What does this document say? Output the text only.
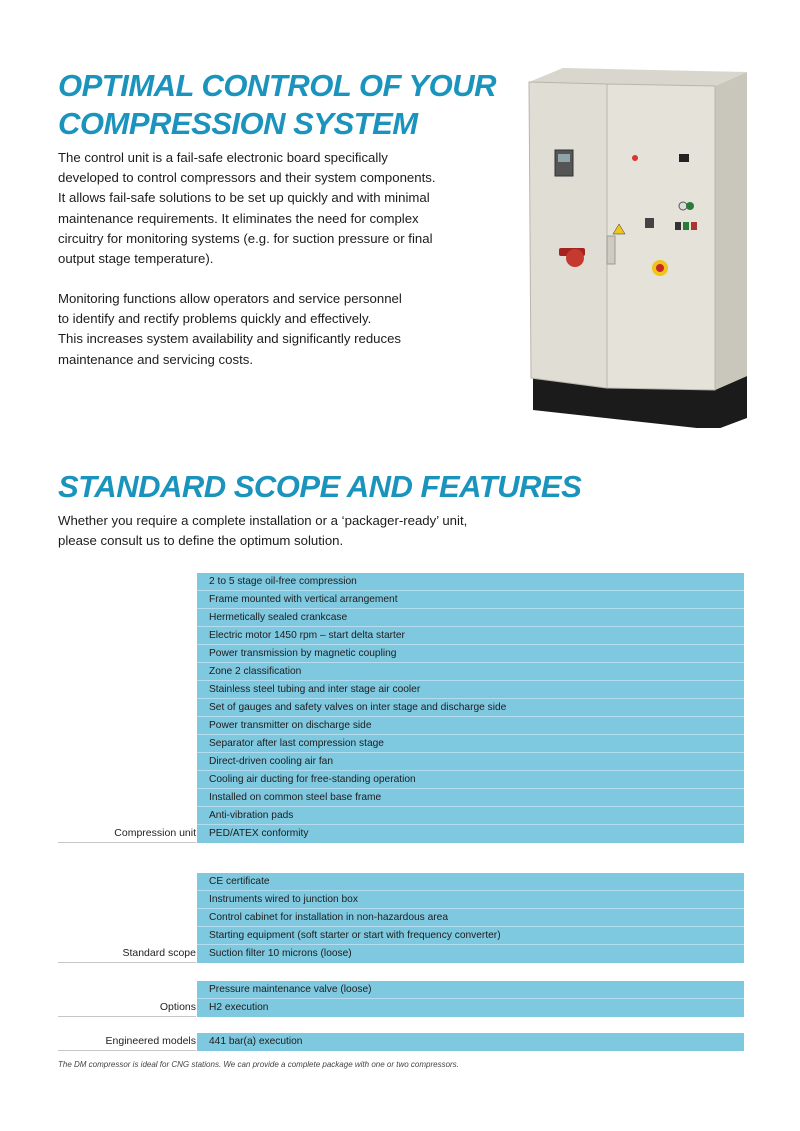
OPTIMAL CONTROL OF YOUR
COMPRESSION SYSTEM
The control unit is a fail-safe electronic board specifically
developed to control compressors and their system components.
It allows fail-safe solutions to be set up quickly and with minimal
maintenance requirements. It eliminates the need for complex
circuitry for monitoring systems (e.g. for suction pressure or final
output stage temperature).
Monitoring functions allow operators and service personnel
to identify and rectify problems quickly and effectively.
This increases system availability and significantly reduces
maintenance and servicing costs.
STANDARD SCOPE AND FEATURES
Whether you require a complete installation or a ‘packager-ready’ unit,
please consult us to define the optimum solution.
Compression unit
2 to 5 stage oil-free compression
Frame mounted with vertical arrangement
Hermetically sealed crankcase
Electric motor 1450 rpm – start delta starter
Power transmission by magnetic coupling
Zone 2 classification
Stainless steel tubing and inter stage air cooler
Set of gauges and safety valves on inter stage and discharge side
Power transmitter on discharge side
Separator after last compression stage
Direct-driven cooling air fan
Cooling air ducting for free-standing operation
Installed on common steel base frame
Anti-vibration pads
PED/ATEX conformity
Standard scope
CE certificate
Instruments wired to junction box
Control cabinet for installation in non-hazardous area
Starting equipment (soft starter or start with frequency converter)
Suction filter 10 microns (loose)
Options
Pressure maintenance valve (loose)
H2 execution
Engineered models	441 bar(a) execution
The DM compressor is ideal for CNG stations. We can provide a complete package with one or two compressors.
